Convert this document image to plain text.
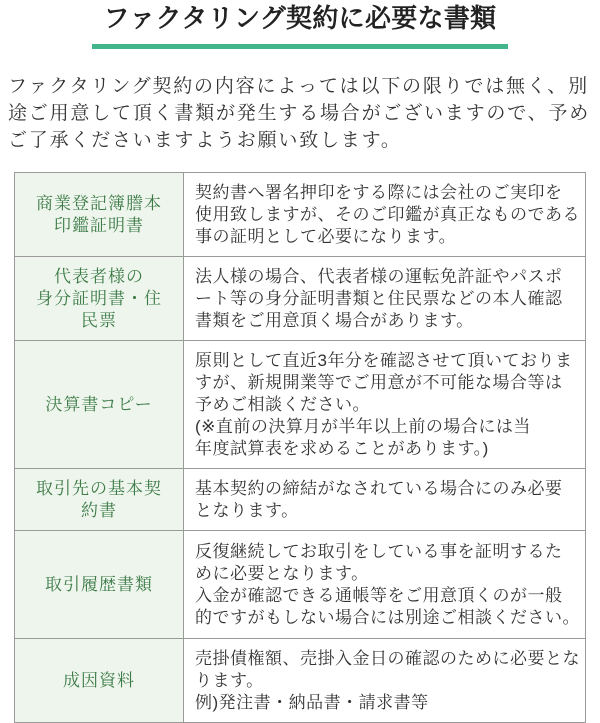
ファクタリング契約に必要な書類
ファクタリング契約の内容によっては以下の限りでは無く、別
途ご用意して頂く書類が発生する場合がございますので、予め
ご了承くださいますようお願い致します。
商業登記簿謄本
印鑑証明書
契約書へ署名押印をする際には会社のご実印を
使用致しますが、そのご印鑑が真正なものである
事の証明として必要になります。
代表者様の
身分証明書・住民票
法人様の場合、代表者様の運転免許証やパスポ
ート等の身分証明書類と住民票などの本人確認
書類をご用意頂く場合があります。
決算書コピー
原則として直近3年分を確認させて頂いておりま
すが、新規開業等でご用意が不可能な場合等は
予めご相談ください。
(※直前の決算月が半年以上前の場合には当
年度試算表を求めることがあります。)
取引先の基本契約書
基本契約の締結がなされている場合にのみ必要
となります。
取引履歴書類
反復継続してお取引をしている事を証明するた
めに必要となります。
入金が確認できる通帳等をご用意頂くのが一般
的ですがもしない場合には別途ご相談ください。
成因資料
売掛債権額、売掛入金日の確認のために必要とな
ります。
例)発注書・納品書・請求書等
